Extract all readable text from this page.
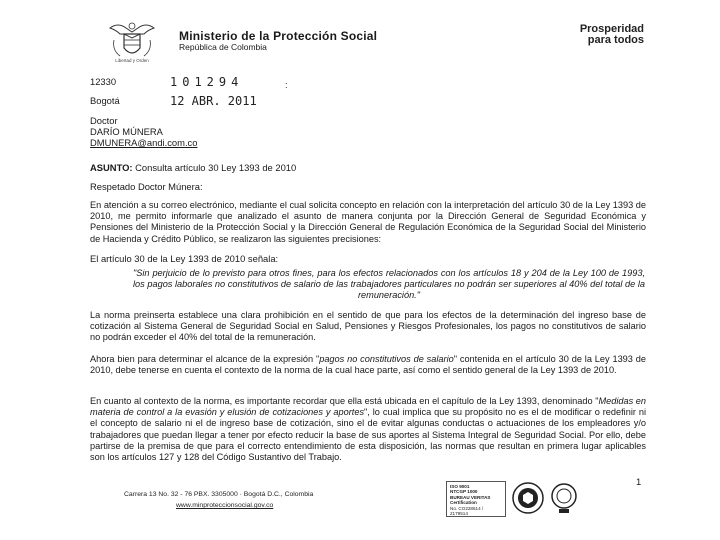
Libertad y Orden
Ministerio de la Protección Social
República de Colombia
Prosperidad
para todos
12330	101294	:
Bogotá	12 ABR. 2011
Doctor
DARÍO MÚNERA
DMUNERA@andi.com.co
ASUNTO: Consulta artículo 30 Ley 1393 de 2010
Respetado Doctor Múnera:
En atención a su correo electrónico, mediante el cual solicita concepto en relación con la interpretación del artículo 30 de la Ley 1393 de 2010, me permito informarle que analizado el asunto de manera conjunta por la Dirección General de Seguridad Económica y Pensiones del Ministerio de la Protección Social y la Dirección General de Regulación Económica de la Seguridad Social del Ministerio de Hacienda y Crédito Público, se realizaron las siguientes precisiones:
El artículo 30 de la Ley 1393 de 2010 señala:
"Sin perjuicio de lo previsto para otros fines, para los efectos relacionados con los artículos 18 y 204 de la Ley 100 de 1993, los pagos laborales no constitutivos de salario de las trabajadores particulares no podrán ser superiores al 40% del total de la remuneración."
La norma preinserta establece una clara prohibición en el sentido de que para los efectos de la determinación del ingreso base de cotización al Sistema General de Seguridad Social en Salud, Pensiones y Riesgos Profesionales, los pagos no constitutivos de salario no podrán exceder el 40% del total de la remuneración.
Ahora bien para determinar el alcance de la expresión "pagos no constitutivos de salario" contenida en el artículo 30 de la Ley 1393 de 2010, debe tenerse en cuenta el contexto de la norma de la cual hace parte, así como el sentido general de la Ley 1393 de 2010.
En cuanto al contexto de la norma, es importante recordar que ella está ubicada en el capítulo de la Ley 1393, denominado "Medidas en materia de control a la evasión y elusión de cotizaciones y aportes", lo cual implica que su propósito no es el de modificar o redefinir ni el concepto de salario ni el de ingreso base de cotización, sino el de evitar algunas conductas o actuaciones de los empleadores y/o trabajadores que puedan llegar a tener por efecto reducir la base de sus aportes al Sistema Integral de Seguridad Social. Por ello, debe partirse de la premisa de que para el correcto entendimiento de esta disposición, las normas que resultan en primera lugar aplicables son los artículos 127 y 128 del Código Sustantivo del Trabajo.
1
Carrera 13 No. 32 - 76 PBX. 3305000 · Bogotá D.C., Colombia
www.minproteccionsocial.gov.co
ISO 9001
NTCGP 1000
BUREAU VERITAS
Certification
No. CO228614 / 2179514
